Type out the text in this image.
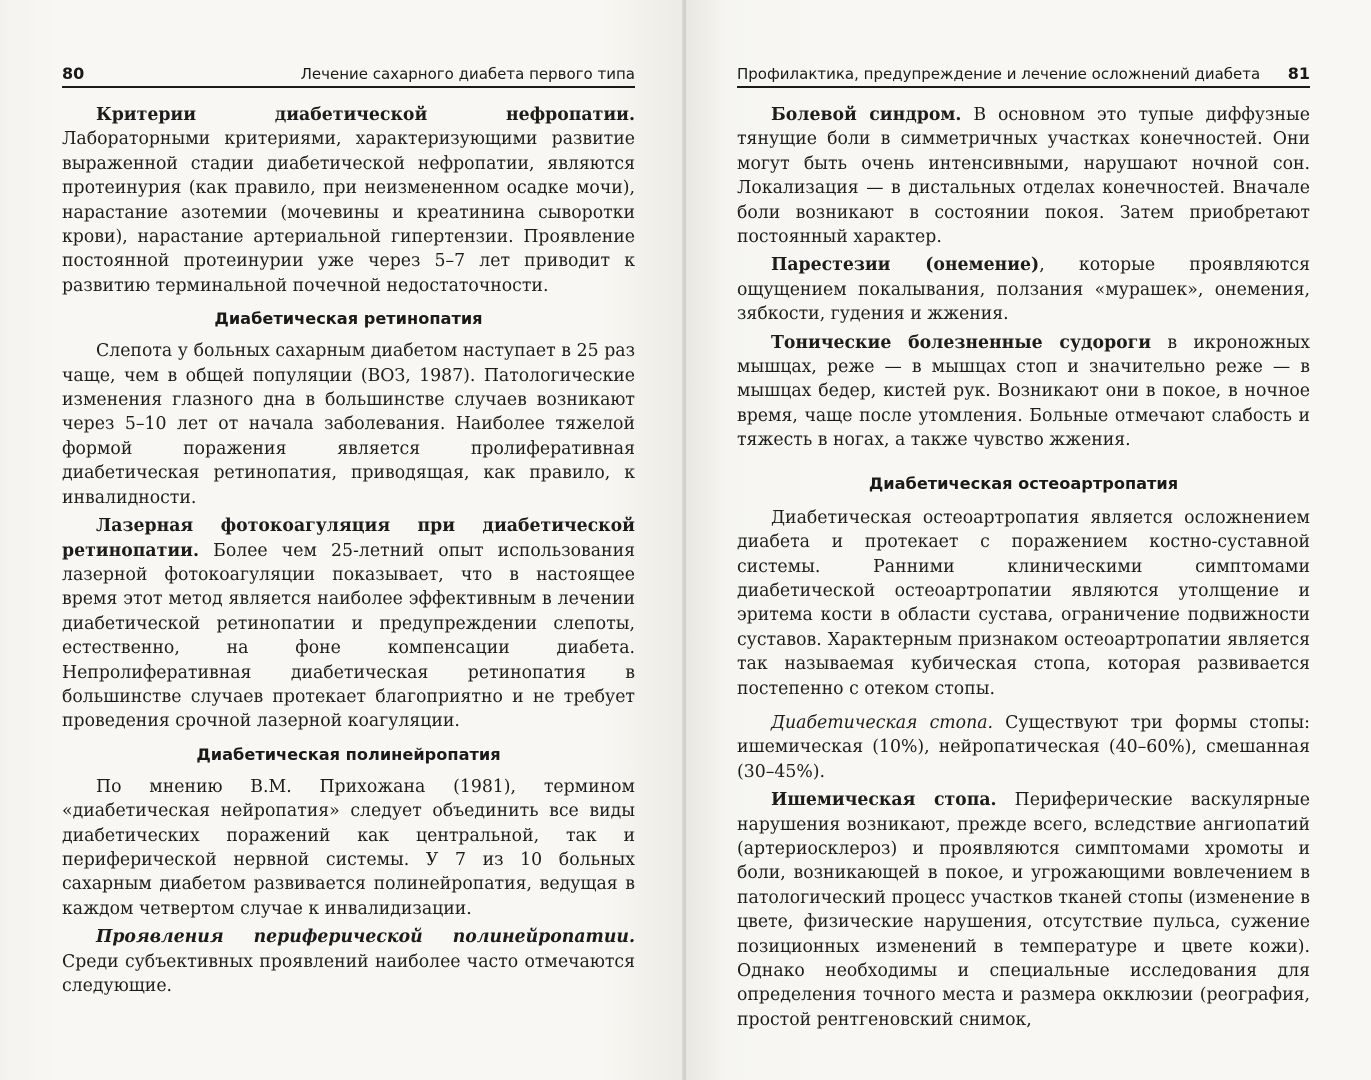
80	Лечение сахарного диабета первого типа

Критерии диабетической нефропатии. Лабораторными критериями, характеризующими развитие выраженной стадии диабетической нефропатии, являются протеинурия (как правило, при неизмененном осадке мочи), нарастание азотемии (мочевины и креатинина сыворотки крови), нарастание артериальной гипертензии. Проявление постоянной протеинурии уже через 5–7 лет приводит к развитию терминальной почечной недостаточности.

Диабетическая ретинопатия

Слепота у больных сахарным диабетом наступает в 25 раз чаще, чем в общей популяции (ВОЗ, 1987). Патологические изменения глазного дна в большинстве случаев возникают через 5–10 лет от начала заболевания. Наиболее тяжелой формой поражения является пролиферативная диабетическая ретинопатия, приводящая, как правило, к инвалидности.

Лазерная фотокоагуляция при диабетической ретинопатии. Более чем 25-летний опыт использования лазерной фотокоагуляции показывает, что в настоящее время этот метод является наиболее эффективным в лечении диабетической ретинопатии и предупреждении слепоты, естественно, на фоне компенсации диабета. Непролиферативная диабетическая ретинопатия в большинстве случаев протекает благоприятно и не требует проведения срочной лазерной коагуляции.

Диабетическая полинейропатия

По мнению В.М. Прихожана (1981), термином «диабетическая нейропатия» следует объединить все виды диабетических поражений как центральной, так и периферической нервной системы. У 7 из 10 больных сахарным диабетом развивается полинейропатия, ведущая в каждом четвертом случае к инвалидизации.

Проявления периферической полинейропатии. Среди субъективных проявлений наиболее часто отмечаются следующие.

Профилактика, предупреждение и лечение осложнений диабета 81

Болевой синдром. В основном это тупые диффузные тянущие боли в симметричных участках конечностей. Они могут быть очень интенсивными, нарушают ночной сон. Локализация — в дистальных отделах конечностей. Вначале боли возникают в состоянии покоя. Затем приобретают постоянный характер.

Парестезии (онемение), которые проявляются ощущением покалывания, ползания «мурашек», онемения, зябкости, гудения и жжения.

Тонические болезненные судороги в икроножных мышцах, реже — в мышцах стоп и значительно реже — в мышцах бедер, кистей рук. Возникают они в покое, в ночное время, чаще после утомления. Больные отмечают слабость и тяжесть в ногах, а также чувство жжения.

Диабетическая остеоартропатия

Диабетическая остеоартропатия является осложнением диабета и протекает с поражением костно-суставной системы. Ранними клиническими симптомами диабетической остеоартропатии являются утолщение и эритема кости в области сустава, ограничение подвижности суставов. Характерным признаком остеоартропатии является так называемая кубическая стопа, которая развивается постепенно с отеком стопы.

Диабетическая стопа. Существуют три формы стопы: ишемическая (10%), нейропатическая (40–60%), смешанная (30–45%).

Ишемическая стопа. Периферические васкулярные нарушения возникают, прежде всего, вследствие ангиопатий (артериосклероз) и проявляются симптомами хромоты и боли, возникающей в покое, и угрожающими вовлечением в патологический процесс участков тканей стопы (изменение в цвете, физические нарушения, отсутствие пульса, сужение позиционных изменений в температуре и цвете кожи). Однако необходимы и специальные исследования для определения точного места и размера окклюзии (реография, простой рентгеновский снимок,
